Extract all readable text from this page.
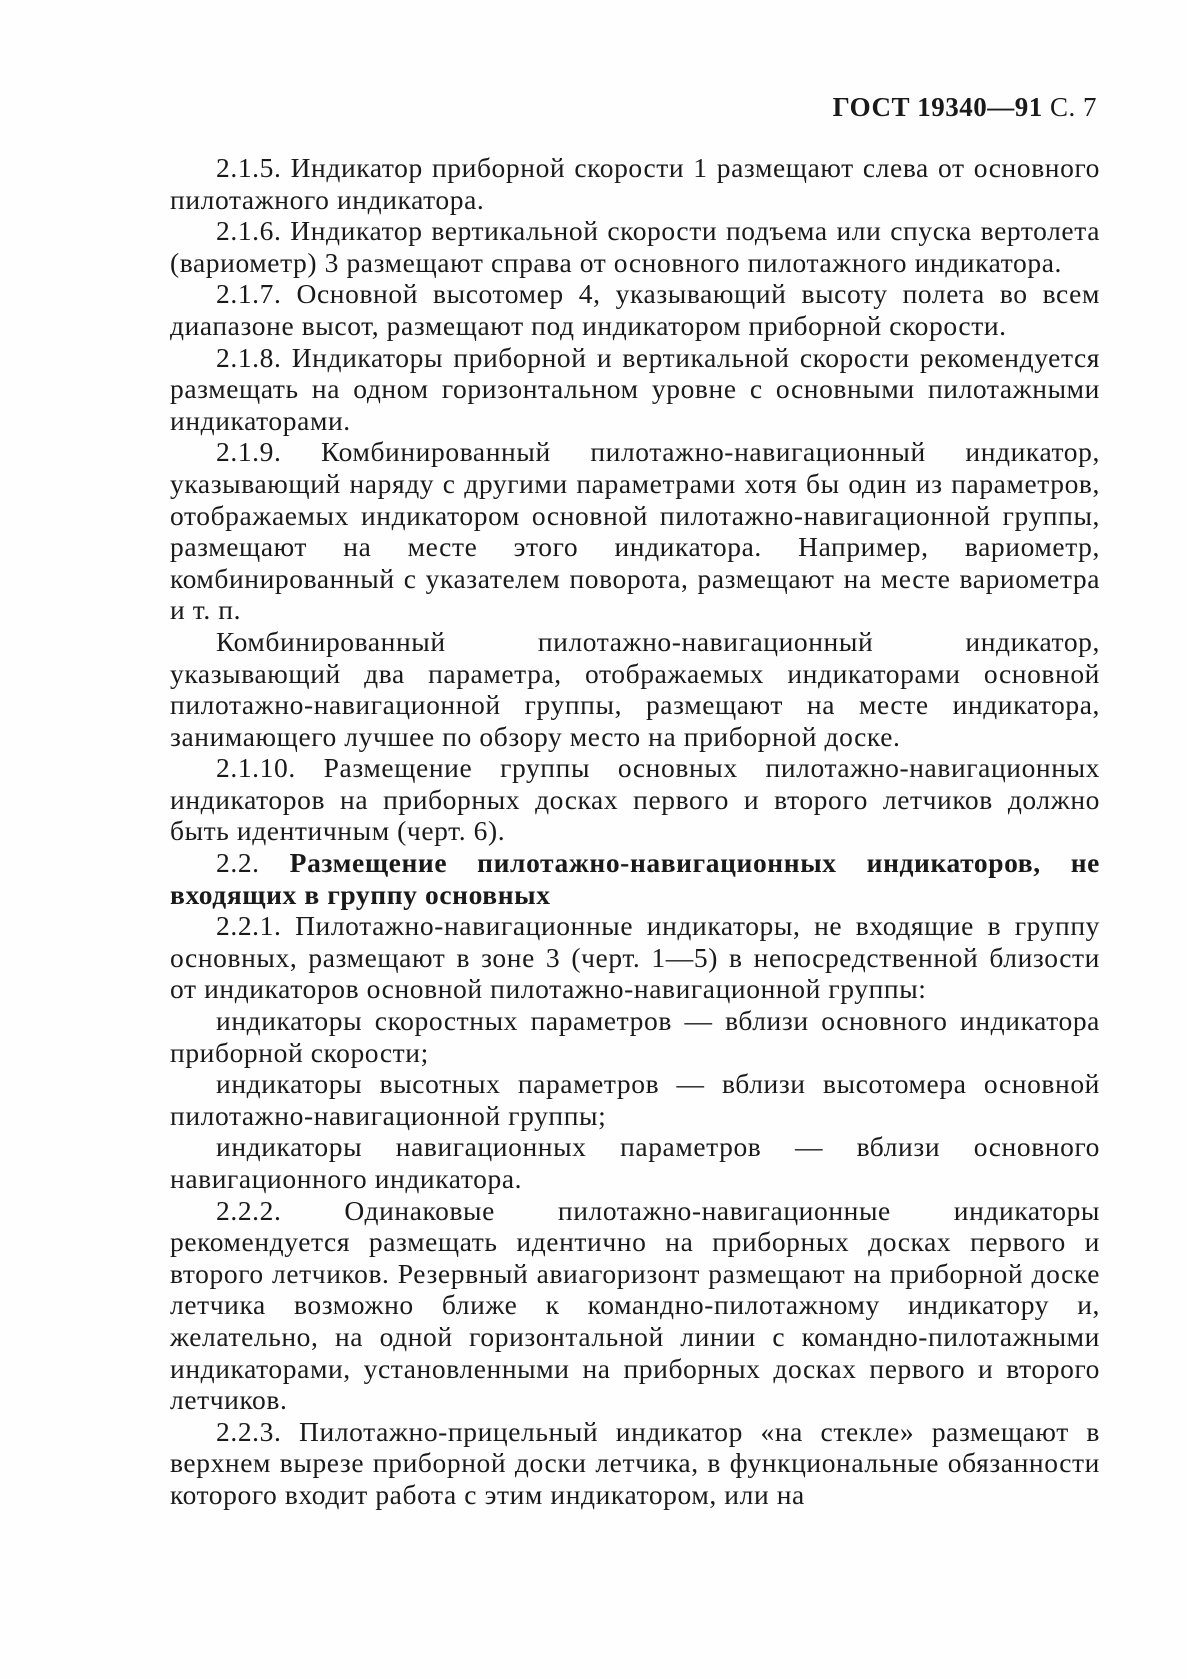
ГОСТ 19340—91 С. 7

2.1.5. Индикатор приборной скорости 1 размещают слева от основного пилотажного индикатора.

2.1.6. Индикатор вертикальной скорости подъема или спуска вертолета (вариометр) 3 размещают справа от основного пилотажного индикатора.

2.1.7. Основной высотомер 4, указывающий высоту полета во всем диапазоне высот, размещают под индикатором приборной скорости.

2.1.8. Индикаторы приборной и вертикальной скорости рекомендуется размещать на одном горизонтальном уровне с основными пилотажными индикаторами.

2.1.9. Комбинированный пилотажно-навигационный индикатор, указывающий наряду с другими параметрами хотя бы один из параметров, отображаемых индикатором основной пилотажно-навигационной группы, размещают на месте этого индикатора. Например, вариометр, комбинированный с указателем поворота, размещают на месте вариометра и т. п.

Комбинированный пилотажно-навигационный индикатор, указывающий два параметра, отображаемых индикаторами основной пилотажно-навигационной группы, размещают на месте индикатора, занимающего лучшее по обзору место на приборной доске.

2.1.10. Размещение группы основных пилотажно-навигационных индикаторов на приборных досках первого и второго летчиков должно быть идентичным (черт. 6).

2.2. Размещение пилотажно-навигационных индикаторов, не входящих в группу основных

2.2.1. Пилотажно-навигационные индикаторы, не входящие в группу основных, размещают в зоне 3 (черт. 1—5) в непосредственной близости от индикаторов основной пилотажно-навигационной группы:

индикаторы скоростных параметров — вблизи основного индикатора приборной скорости;

индикаторы высотных параметров — вблизи высотомера основной пилотажно-навигационной группы;

индикаторы навигационных параметров — вблизи основного навигационного индикатора.

2.2.2. Одинаковые пилотажно-навигационные индикаторы рекомендуется размещать идентично на приборных досках первого и второго летчиков. Резервный авиагоризонт размещают на приборной доске летчика возможно ближе к командно-пилотажному индикатору и, желательно, на одной горизонтальной линии с командно-пилотажными индикаторами, установленными на приборных досках первого и второго летчиков.

2.2.3. Пилотажно-прицельный индикатор «на стекле» размещают в верхнем вырезе приборной доски летчика, в функциональные обязанности которого входит работа с этим индикатором, или на
